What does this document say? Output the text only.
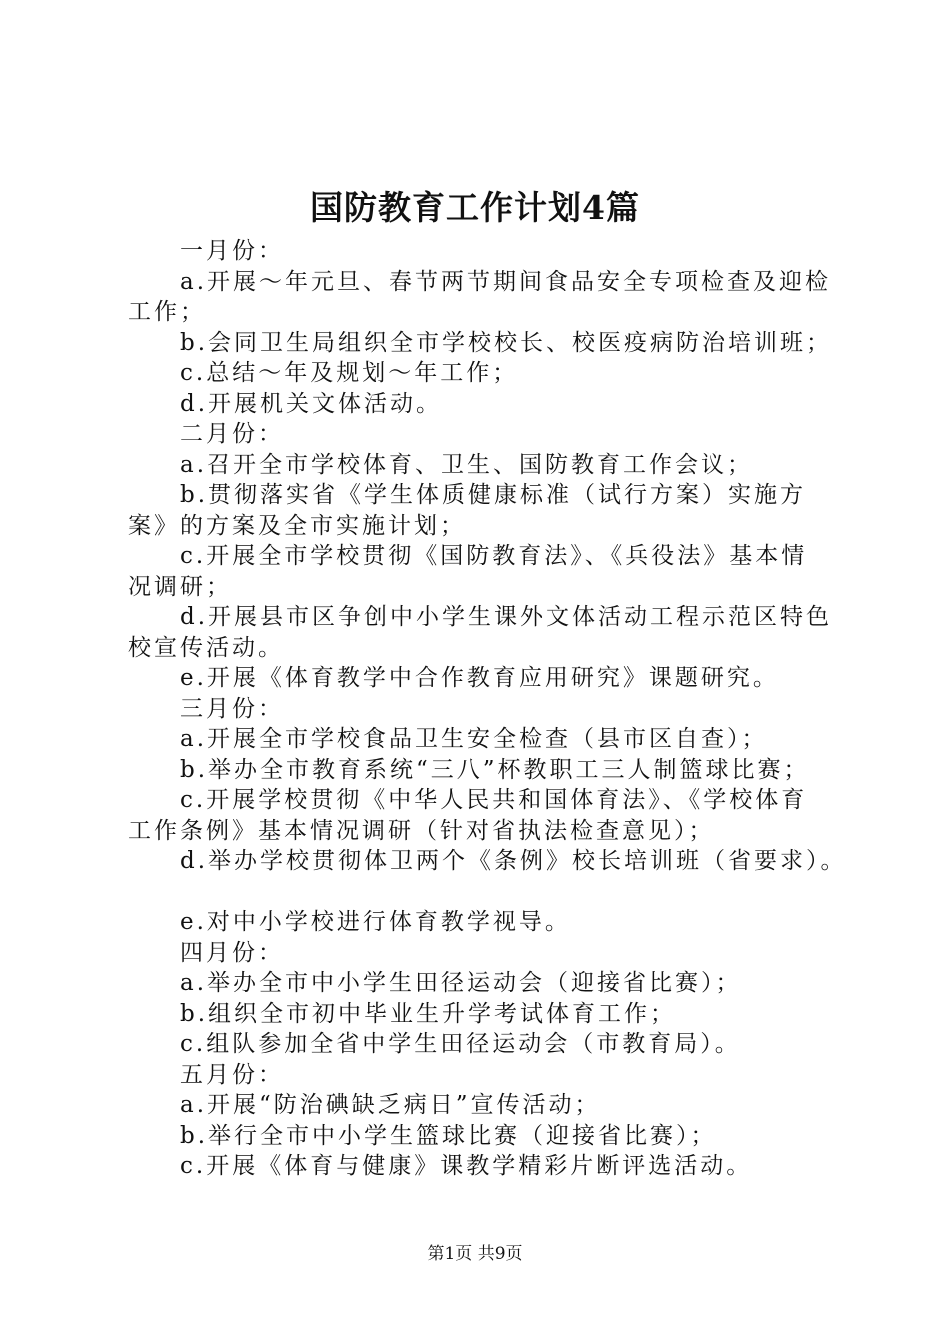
国防教育工作计划4篇
一月份：
a.开展～年元旦、春节两节期间食品安全专项检查及迎检
工作；
b.会同卫生局组织全市学校校长、校医疫病防治培训班；
c.总结～年及规划～年工作；
d.开展机关文体活动。
二月份：
a.召开全市学校体育、卫生、国防教育工作会议；
b.贯彻落实省《学生体质健康标准（试行方案）实施方
案》的方案及全市实施计划；
c.开展全市学校贯彻《国防教育法》、《兵役法》基本情
况调研；
d.开展县市区争创中小学生课外文体活动工程示范区特色
校宣传活动。
e.开展《体育教学中合作教育应用研究》课题研究。
三月份：
a.开展全市学校食品卫生安全检查（县市区自查）；
b.举办全市教育系统“三八”杯教职工三人制篮球比赛；
c.开展学校贯彻《中华人民共和国体育法》、《学校体育
工作条例》基本情况调研（针对省执法检查意见）；
d.举办学校贯彻体卫两个《条例》校长培训班（省要求）。
e.对中小学校进行体育教学视导。
四月份：
a.举办全市中小学生田径运动会（迎接省比赛）；
b.组织全市初中毕业生升学考试体育工作；
c.组队参加全省中学生田径运动会（市教育局）。
五月份：
a.开展“防治碘缺乏病日”宣传活动；
b.举行全市中小学生篮球比赛（迎接省比赛）；
c.开展《体育与健康》课教学精彩片断评选活动。
第1页 共9页
